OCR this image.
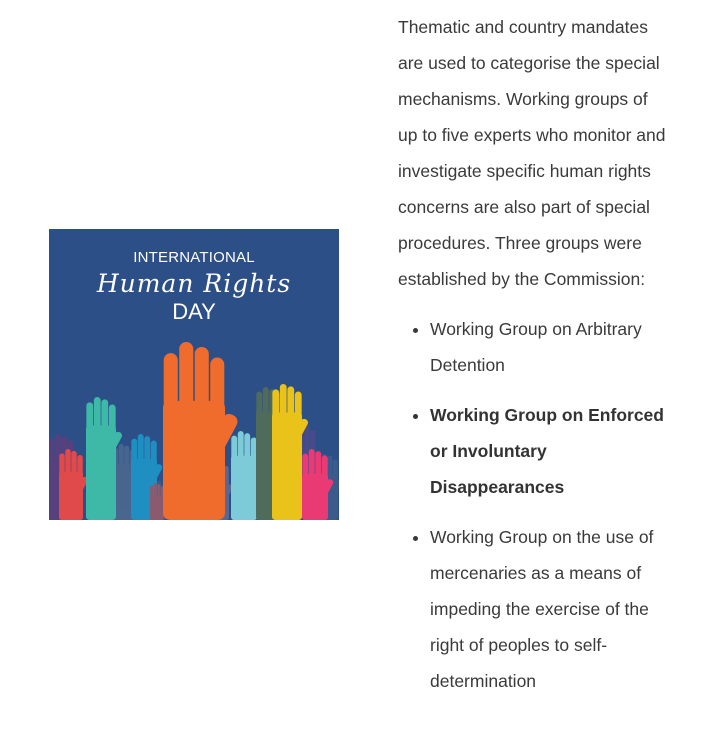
INTERNATIONAL
Human Rights
DAY

Thematic and country mandates are used to categorise the special mechanisms. Working groups of up to five experts who monitor and investigate specific human rights concerns are also part of special procedures. Three groups were established by the Commission:

• Working Group on Arbitrary Detention
• Working Group on Enforced or Involuntary Disappearances
• Working Group on the use of mercenaries as a means of impeding the exercise of the right of peoples to self-determination
